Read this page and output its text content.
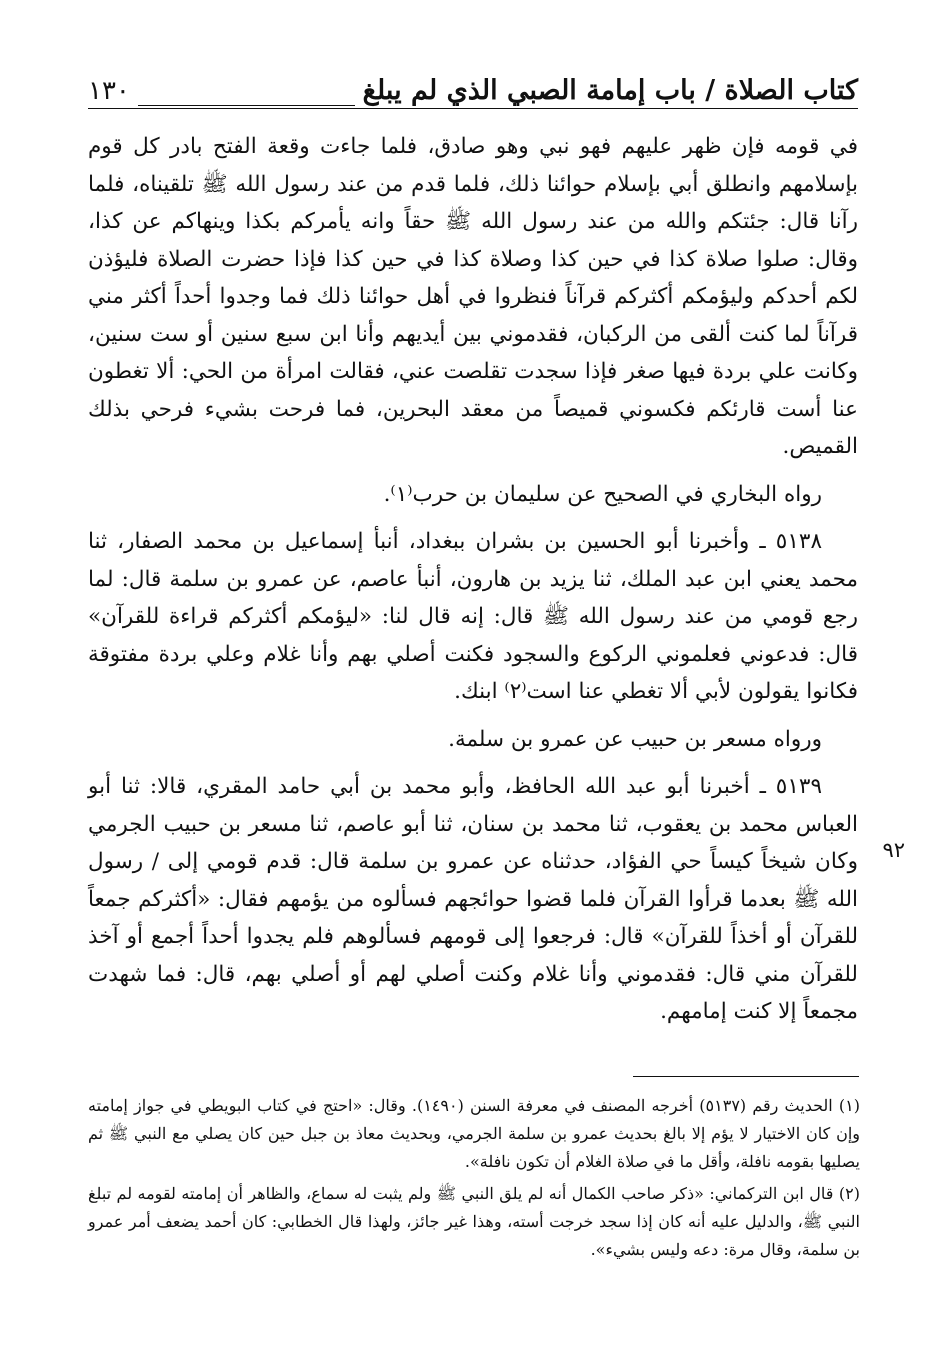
١٣٠	كتاب الصلاة / باب إمامة الصبي الذي لم يبلغ

في قومه فإن ظهر عليهم فهو نبي وهو صادق، فلما جاءت وقعة الفتح بادر كل قوم بإسلامهم وانطلق أبي بإسلام حوائنا ذلك، فلما قدم من عند رسول الله ﷺ تلقيناه، فلما رآنا قال: جئتكم والله من عند رسول الله ﷺ حقاً وانه يأمركم بكذا وينهاكم عن كذا، وقال: صلوا صلاة كذا في حين كذا وصلاة كذا في حين كذا فإذا حضرت الصلاة فليؤذن لكم أحدكم وليؤمكم أكثركم قرآناً فنظروا في أهل حوائنا ذلك فما وجدوا أحداً أكثر مني قرآناً لما كنت ألقى من الركبان، فقدموني بين أيديهم وأنا ابن سبع سنين أو ست سنين، وكانت علي بردة فيها صغر فإذا سجدت تقلصت عني، فقالت امرأة من الحي: ألا تغطون عنا أست قارئكم فكسوني قميصاً من معقد البحرين، فما فرحت بشيء فرحي بذلك القميص.

رواه البخاري في الصحيح عن سليمان بن حرب⁽١⁾.

٥١٣٨ ـ وأخبرنا أبو الحسين بن بشران ببغداد، أنبأ إسماعيل بن محمد الصفار، ثنا محمد يعني ابن عبد الملك، ثنا يزيد بن هارون، أنبأ عاصم، عن عمرو بن سلمة قال: لما رجع قومي من عند رسول الله ﷺ قال: إنه قال لنا: «ليؤمكم أكثركم قراءة للقرآن» قال: فدعوني فعلموني الركوع والسجود فكنت أصلي بهم وأنا غلام وعلي بردة مفتوقة فكانوا يقولون لأبي ألا تغطي عنا است⁽٢⁾ ابنك.

ورواه مسعر بن حبيب عن عمرو بن سلمة.

٥١٣٩ ـ أخبرنا أبو عبد الله الحافظ، وأبو محمد بن أبي حامد المقري، قالا: ثنا أبو العباس محمد بن يعقوب، ثنا محمد بن سنان، ثنا أبو عاصم، ثنا مسعر بن حبيب الجرمي وكان شيخاً كيساً حي الفؤاد، حدثناه عن عمرو بن سلمة قال: قدم قومي إلى / رسول الله ﷺ بعدما قرأوا القرآن فلما قضوا حوائجهم فسألوه من يؤمهم فقال: «أكثركم جمعاً للقرآن أو أخذاً للقرآن» قال: فرجعوا إلى قومهم فسألوهم فلم يجدوا أحداً أجمع أو آخذ للقرآن مني قال: فقدموني وأنا غلام وكنت أصلي لهم أو أصلي بهم، قال: فما شهدت مجمعاً إلا كنت إمامهم.

٩٢

(١) الحديث رقم (٥١٣٧) أخرجه المصنف في معرفة السنن (١٤٩٠). وقال: «احتج في كتاب البويطي في جواز إمامته وإن كان الاختيار لا يؤم إلا بالغ بحديث عمرو بن سلمة الجرمي، وبحديث معاذ بن جبل حين كان يصلي مع النبي ﷺ ثم يصليها بقومه نافلة، وأقل ما في صلاة الغلام أن تكون نافلة».

(٢) قال ابن التركماني: «ذكر صاحب الكمال أنه لم يلق النبي ﷺ ولم يثبت له سماع، والظاهر أن إمامته لقومه لم تبلغ النبي ﷺ، والدليل عليه أنه كان إذا سجد خرجت أسته، وهذا غير جائز، ولهذا قال الخطابي: كان أحمد يضعف أمر عمرو بن سلمة، وقال مرة: دعه وليس بشيء».
